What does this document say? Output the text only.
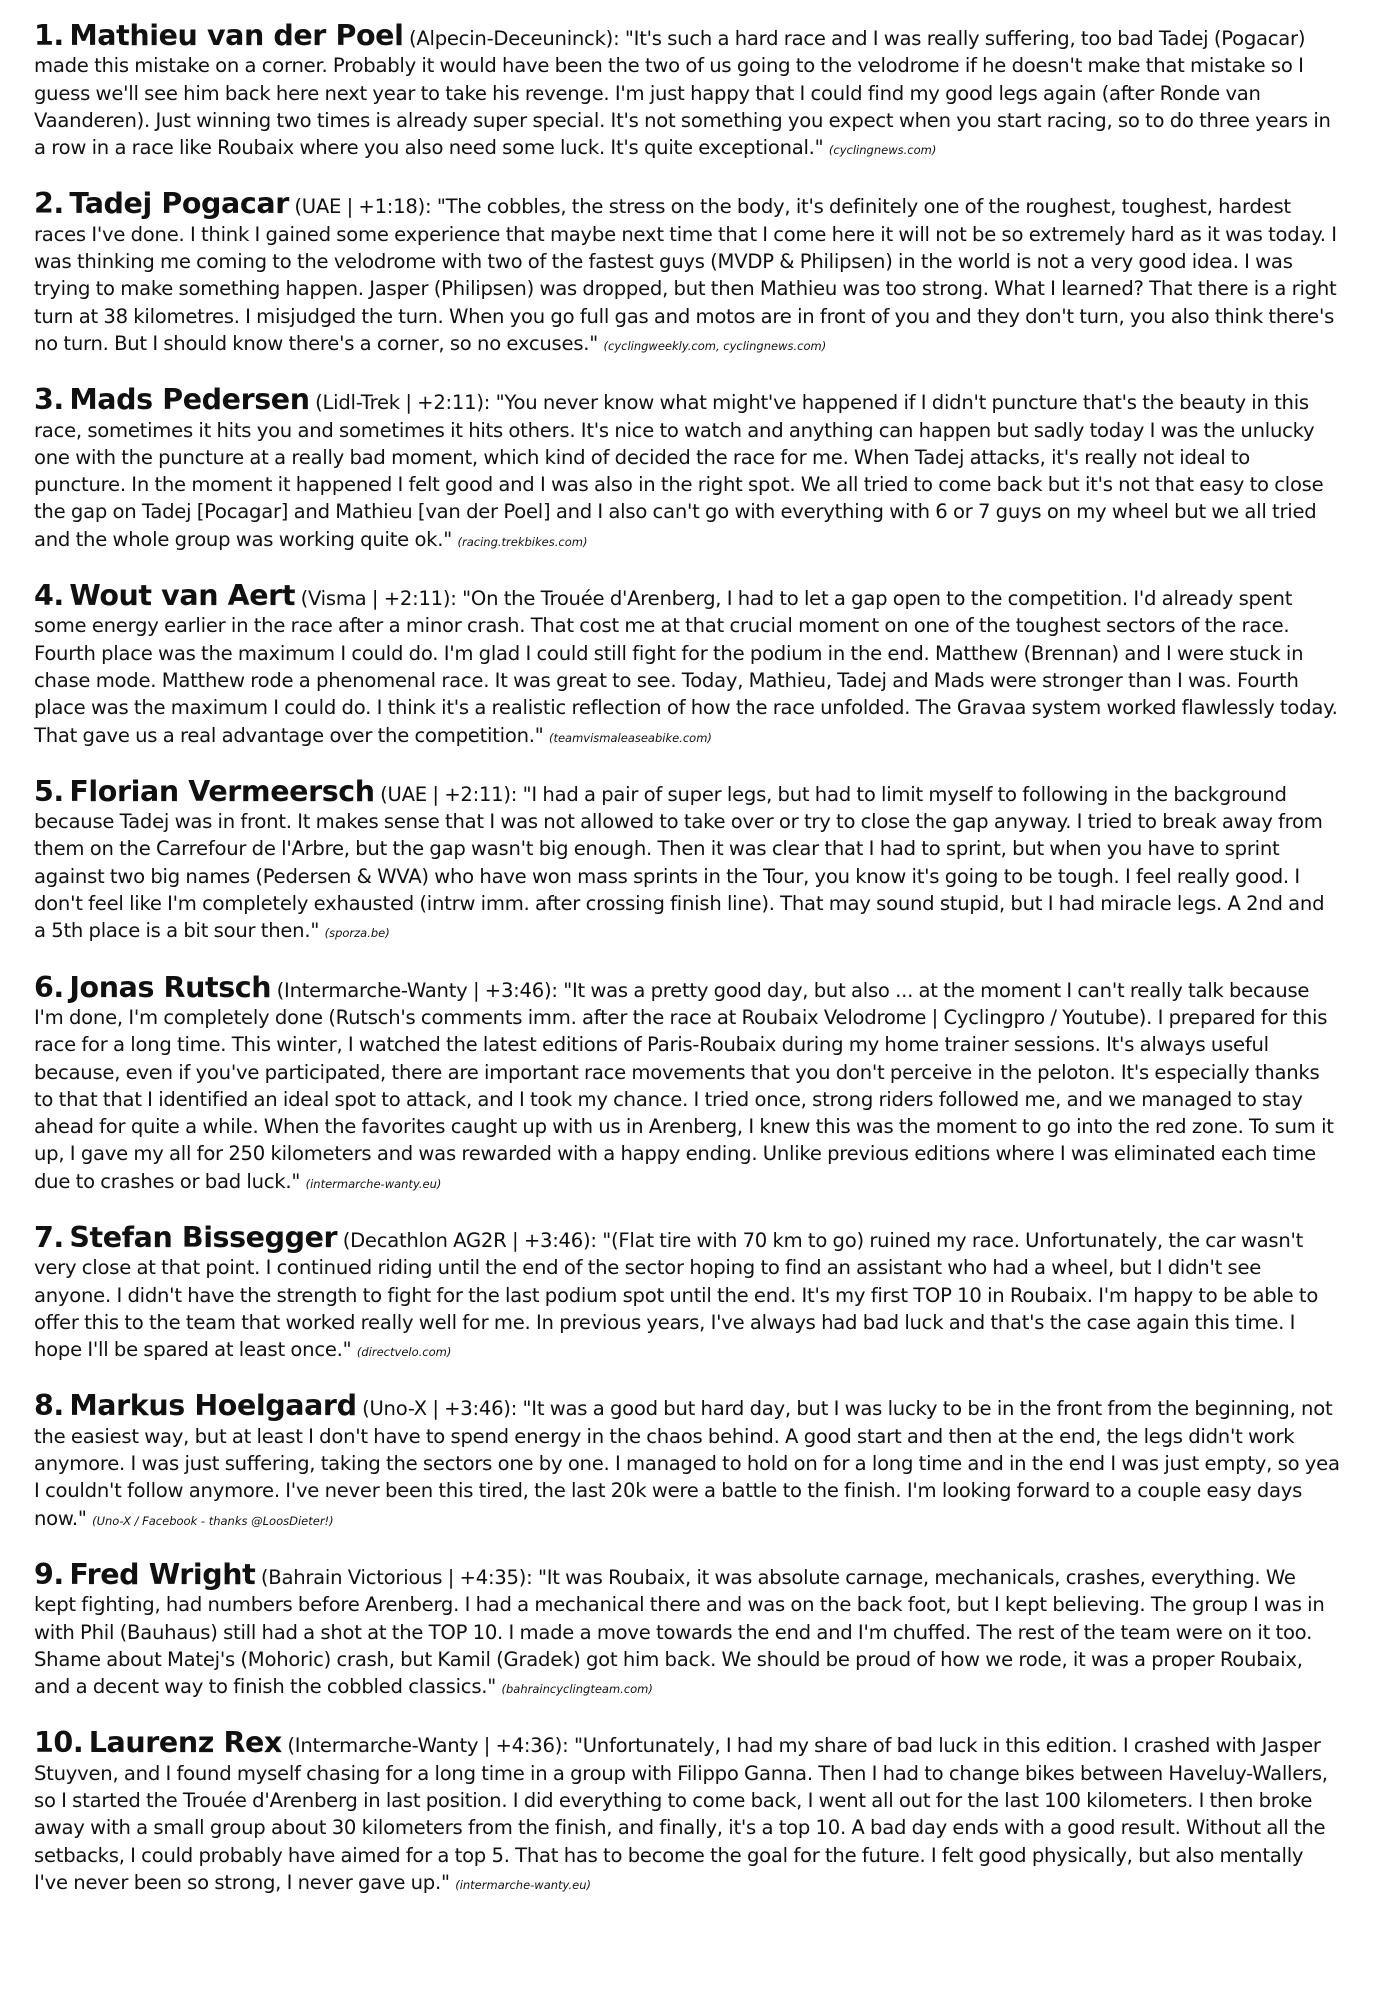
1. Mathieu van der Poel (Alpecin-Deceuninck): "It's such a hard race and I was really suffering, too bad Tadej (Pogacar) made this mistake on a corner. Probably it would have been the two of us going to the velodrome if he doesn't make that mistake so I guess we'll see him back here next year to take his revenge. I'm just happy that I could find my good legs again (after Ronde van Vaanderen). Just winning two times is already super special. It's not something you expect when you start racing, so to do three years in a row in a race like Roubaix where you also need some luck. It's quite exceptional." (cyclingnews.com)

2. Tadej Pogacar (UAE | +1:18): "The cobbles, the stress on the body, it's definitely one of the roughest, toughest, hardest races I've done. I think I gained some experience that maybe next time that I come here it will not be so extremely hard as it was today. I was thinking me coming to the velodrome with two of the fastest guys (MVDP & Philipsen) in the world is not a very good idea. I was trying to make something happen. Jasper (Philipsen) was dropped, but then Mathieu was too strong. What I learned? That there is a right turn at 38 kilometres. I misjudged the turn. When you go full gas and motos are in front of you and they don't turn, you also think there's no turn. But I should know there's a corner, so no excuses." (cyclingweekly.com, cyclingnews.com)

3. Mads Pedersen (Lidl-Trek | +2:11): "You never know what might've happened if I didn't puncture that's the beauty in this race, sometimes it hits you and sometimes it hits others. It's nice to watch and anything can happen but sadly today I was the unlucky one with the puncture at a really bad moment, which kind of decided the race for me. When Tadej attacks, it's really not ideal to puncture. In the moment it happened I felt good and I was also in the right spot. We all tried to come back but it's not that easy to close the gap on Tadej [Pocagar] and Mathieu [van der Poel] and I also can't go with everything with 6 or 7 guys on my wheel but we all tried and the whole group was working quite ok." (racing.trekbikes.com)

4. Wout van Aert (Visma | +2:11): "On the Trouée d'Arenberg, I had to let a gap open to the competition. I'd already spent some energy earlier in the race after a minor crash. That cost me at that crucial moment on one of the toughest sectors of the race. Fourth place was the maximum I could do. I'm glad I could still fight for the podium in the end. Matthew (Brennan) and I were stuck in chase mode. Matthew rode a phenomenal race. It was great to see. Today, Mathieu, Tadej and Mads were stronger than I was. Fourth place was the maximum I could do. I think it's a realistic reflection of how the race unfolded. The Gravaa system worked flawlessly today. That gave us a real advantage over the competition." (teamvismaleaseabike.com)

5. Florian Vermeersch (UAE | +2:11): "I had a pair of super legs, but had to limit myself to following in the background because Tadej was in front. It makes sense that I was not allowed to take over or try to close the gap anyway. I tried to break away from them on the Carrefour de l'Arbre, but the gap wasn't big enough. Then it was clear that I had to sprint, but when you have to sprint against two big names (Pedersen & WVA) who have won mass sprints in the Tour, you know it's going to be tough. I feel really good. I don't feel like I'm completely exhausted (intrw imm. after crossing finish line). That may sound stupid, but I had miracle legs. A 2nd and a 5th place is a bit sour then." (sporza.be)

6. Jonas Rutsch (Intermarche-Wanty | +3:46): "It was a pretty good day, but also ... at the moment I can't really talk because I'm done, I'm completely done (Rutsch's comments imm. after the race at Roubaix Velodrome | Cyclingpro / Youtube). I prepared for this race for a long time. This winter, I watched the latest editions of Paris-Roubaix during my home trainer sessions. It's always useful because, even if you've participated, there are important race movements that you don't perceive in the peloton. It's especially thanks to that that I identified an ideal spot to attack, and I took my chance. I tried once, strong riders followed me, and we managed to stay ahead for quite a while. When the favorites caught up with us in Arenberg, I knew this was the moment to go into the red zone. To sum it up, I gave my all for 250 kilometers and was rewarded with a happy ending. Unlike previous editions where I was eliminated each time due to crashes or bad luck." (intermarche-wanty.eu)

7. Stefan Bissegger (Decathlon AG2R | +3:46): "(Flat tire with 70 km to go) ruined my race. Unfortunately, the car wasn't very close at that point. I continued riding until the end of the sector hoping to find an assistant who had a wheel, but I didn't see anyone. I didn't have the strength to fight for the last podium spot until the end. It's my first TOP 10 in Roubaix. I'm happy to be able to offer this to the team that worked really well for me. In previous years, I've always had bad luck and that's the case again this time. I hope I'll be spared at least once." (directvelo.com)

8. Markus Hoelgaard (Uno-X | +3:46): "It was a good but hard day, but I was lucky to be in the front from the beginning, not the easiest way, but at least I don't have to spend energy in the chaos behind. A good start and then at the end, the legs didn't work anymore. I was just suffering, taking the sectors one by one. I managed to hold on for a long time and in the end I was just empty, so yea I couldn't follow anymore. I've never been this tired, the last 20k were a battle to the finish. I'm looking forward to a couple easy days now." (Uno-X / Facebook - thanks @LoosDieter!)

9. Fred Wright (Bahrain Victorious | +4:35): "It was Roubaix, it was absolute carnage, mechanicals, crashes, everything. We kept fighting, had numbers before Arenberg. I had a mechanical there and was on the back foot, but I kept believing. The group I was in with Phil (Bauhaus) still had a shot at the TOP 10. I made a move towards the end and I'm chuffed. The rest of the team were on it too. Shame about Matej's (Mohoric) crash, but Kamil (Gradek) got him back. We should be proud of how we rode, it was a proper Roubaix, and a decent way to finish the cobbled classics." (bahraincyclingteam.com)

10. Laurenz Rex (Intermarche-Wanty | +4:36): "Unfortunately, I had my share of bad luck in this edition. I crashed with Jasper Stuyven, and I found myself chasing for a long time in a group with Filippo Ganna. Then I had to change bikes between Haveluy-Wallers, so I started the Trouée d'Arenberg in last position. I did everything to come back, I went all out for the last 100 kilometers. I then broke away with a small group about 30 kilometers from the finish, and finally, it's a top 10. A bad day ends with a good result. Without all the setbacks, I could probably have aimed for a top 5. That has to become the goal for the future. I felt good physically, but also mentally I've never been so strong, I never gave up." (intermarche-wanty.eu)
